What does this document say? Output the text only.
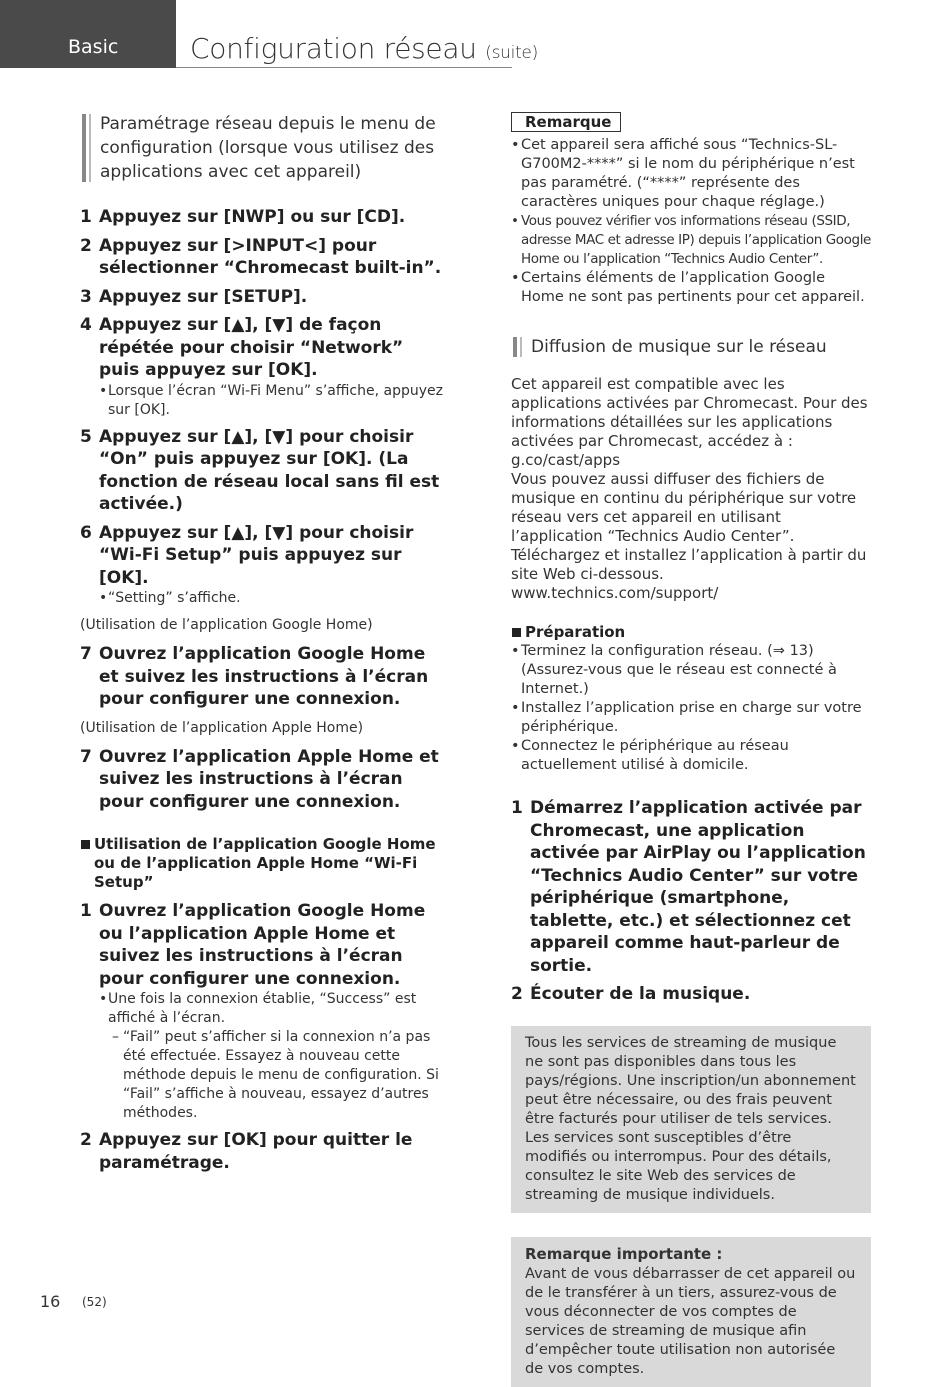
Basic	Configuration réseau (suite)
Paramétrage réseau depuis le menu de configuration (lorsque vous utilisez des applications avec cet appareil)
1 Appuyez sur [NWP] ou sur [CD].
2 Appuyez sur [>INPUT<] pour sélectionner “Chromecast built-in”.
3 Appuyez sur [SETUP].
4 Appuyez sur [▲], [▼] de façon répétée pour choisir “Network” puis appuyez sur [OK].
• Lorsque l’écran “Wi-Fi Menu” s’affiche, appuyez sur [OK].
5 Appuyez sur [▲], [▼] pour choisir “On” puis appuyez sur [OK]. (La fonction de réseau local sans fil est activée.)
6 Appuyez sur [▲], [▼] pour choisir “Wi-Fi Setup” puis appuyez sur [OK].
• “Setting” s’affiche.
(Utilisation de l’application Google Home)
7 Ouvrez l’application Google Home et suivez les instructions à l’écran pour configurer une connexion.
(Utilisation de l’application Apple Home)
7 Ouvrez l’application Apple Home et suivez les instructions à l’écran pour configurer une connexion.
Utilisation de l’application Google Home ou de l’application Apple Home “Wi-Fi Setup”
1 Ouvrez l’application Google Home ou l’application Apple Home et suivez les instructions à l’écran pour configurer une connexion.
• Une fois la connexion établie, “Success” est affiché à l’écran.
– “Fail” peut s’afficher si la connexion n’a pas été effectuée. Essayez à nouveau cette méthode depuis le menu de configuration. Si “Fail” s’affiche à nouveau, essayez d’autres méthodes.
2 Appuyez sur [OK] pour quitter le paramétrage.
Remarque
• Cet appareil sera affiché sous “Technics-SL-G700M2-****” si le nom du périphérique n’est pas paramétré. (“****” représente des caractères uniques pour chaque réglage.)
• Vous pouvez vérifier vos informations réseau (SSID, adresse MAC et adresse IP) depuis l’application Google Home ou l’application “Technics Audio Center”.
• Certains éléments de l’application Google Home ne sont pas pertinents pour cet appareil.
Diffusion de musique sur le réseau
Cet appareil est compatible avec les applications activées par Chromecast. Pour des informations détaillées sur les applications activées par Chromecast, accédez à :
g.co/cast/apps
Vous pouvez aussi diffuser des fichiers de musique en continu du périphérique sur votre réseau vers cet appareil en utilisant l’application “Technics Audio Center”. Téléchargez et installez l’application à partir du site Web ci-dessous.
www.technics.com/support/
Préparation
• Terminez la configuration réseau. (⇒ 13) (Assurez-vous que le réseau est connecté à Internet.)
• Installez l’application prise en charge sur votre périphérique.
• Connectez le périphérique au réseau actuellement utilisé à domicile.
1 Démarrez l’application activée par Chromecast, une application activée par AirPlay ou l’application “Technics Audio Center” sur votre périphérique (smartphone, tablette, etc.) et sélectionnez cet appareil comme haut-parleur de sortie.
2 Écouter de la musique.
Tous les services de streaming de musique ne sont pas disponibles dans tous les pays/régions. Une inscription/un abonnement peut être nécessaire, ou des frais peuvent être facturés pour utiliser de tels services. Les services sont susceptibles d’être modifiés ou interrompus. Pour des détails, consultez le site Web des services de streaming de musique individuels.
Remarque importante :
Avant de vous débarrasser de cet appareil ou de le transférer à un tiers, assurez-vous de vous déconnecter de vos comptes de services de streaming de musique afin d’empêcher toute utilisation non autorisée de vos comptes.
16 (52)
